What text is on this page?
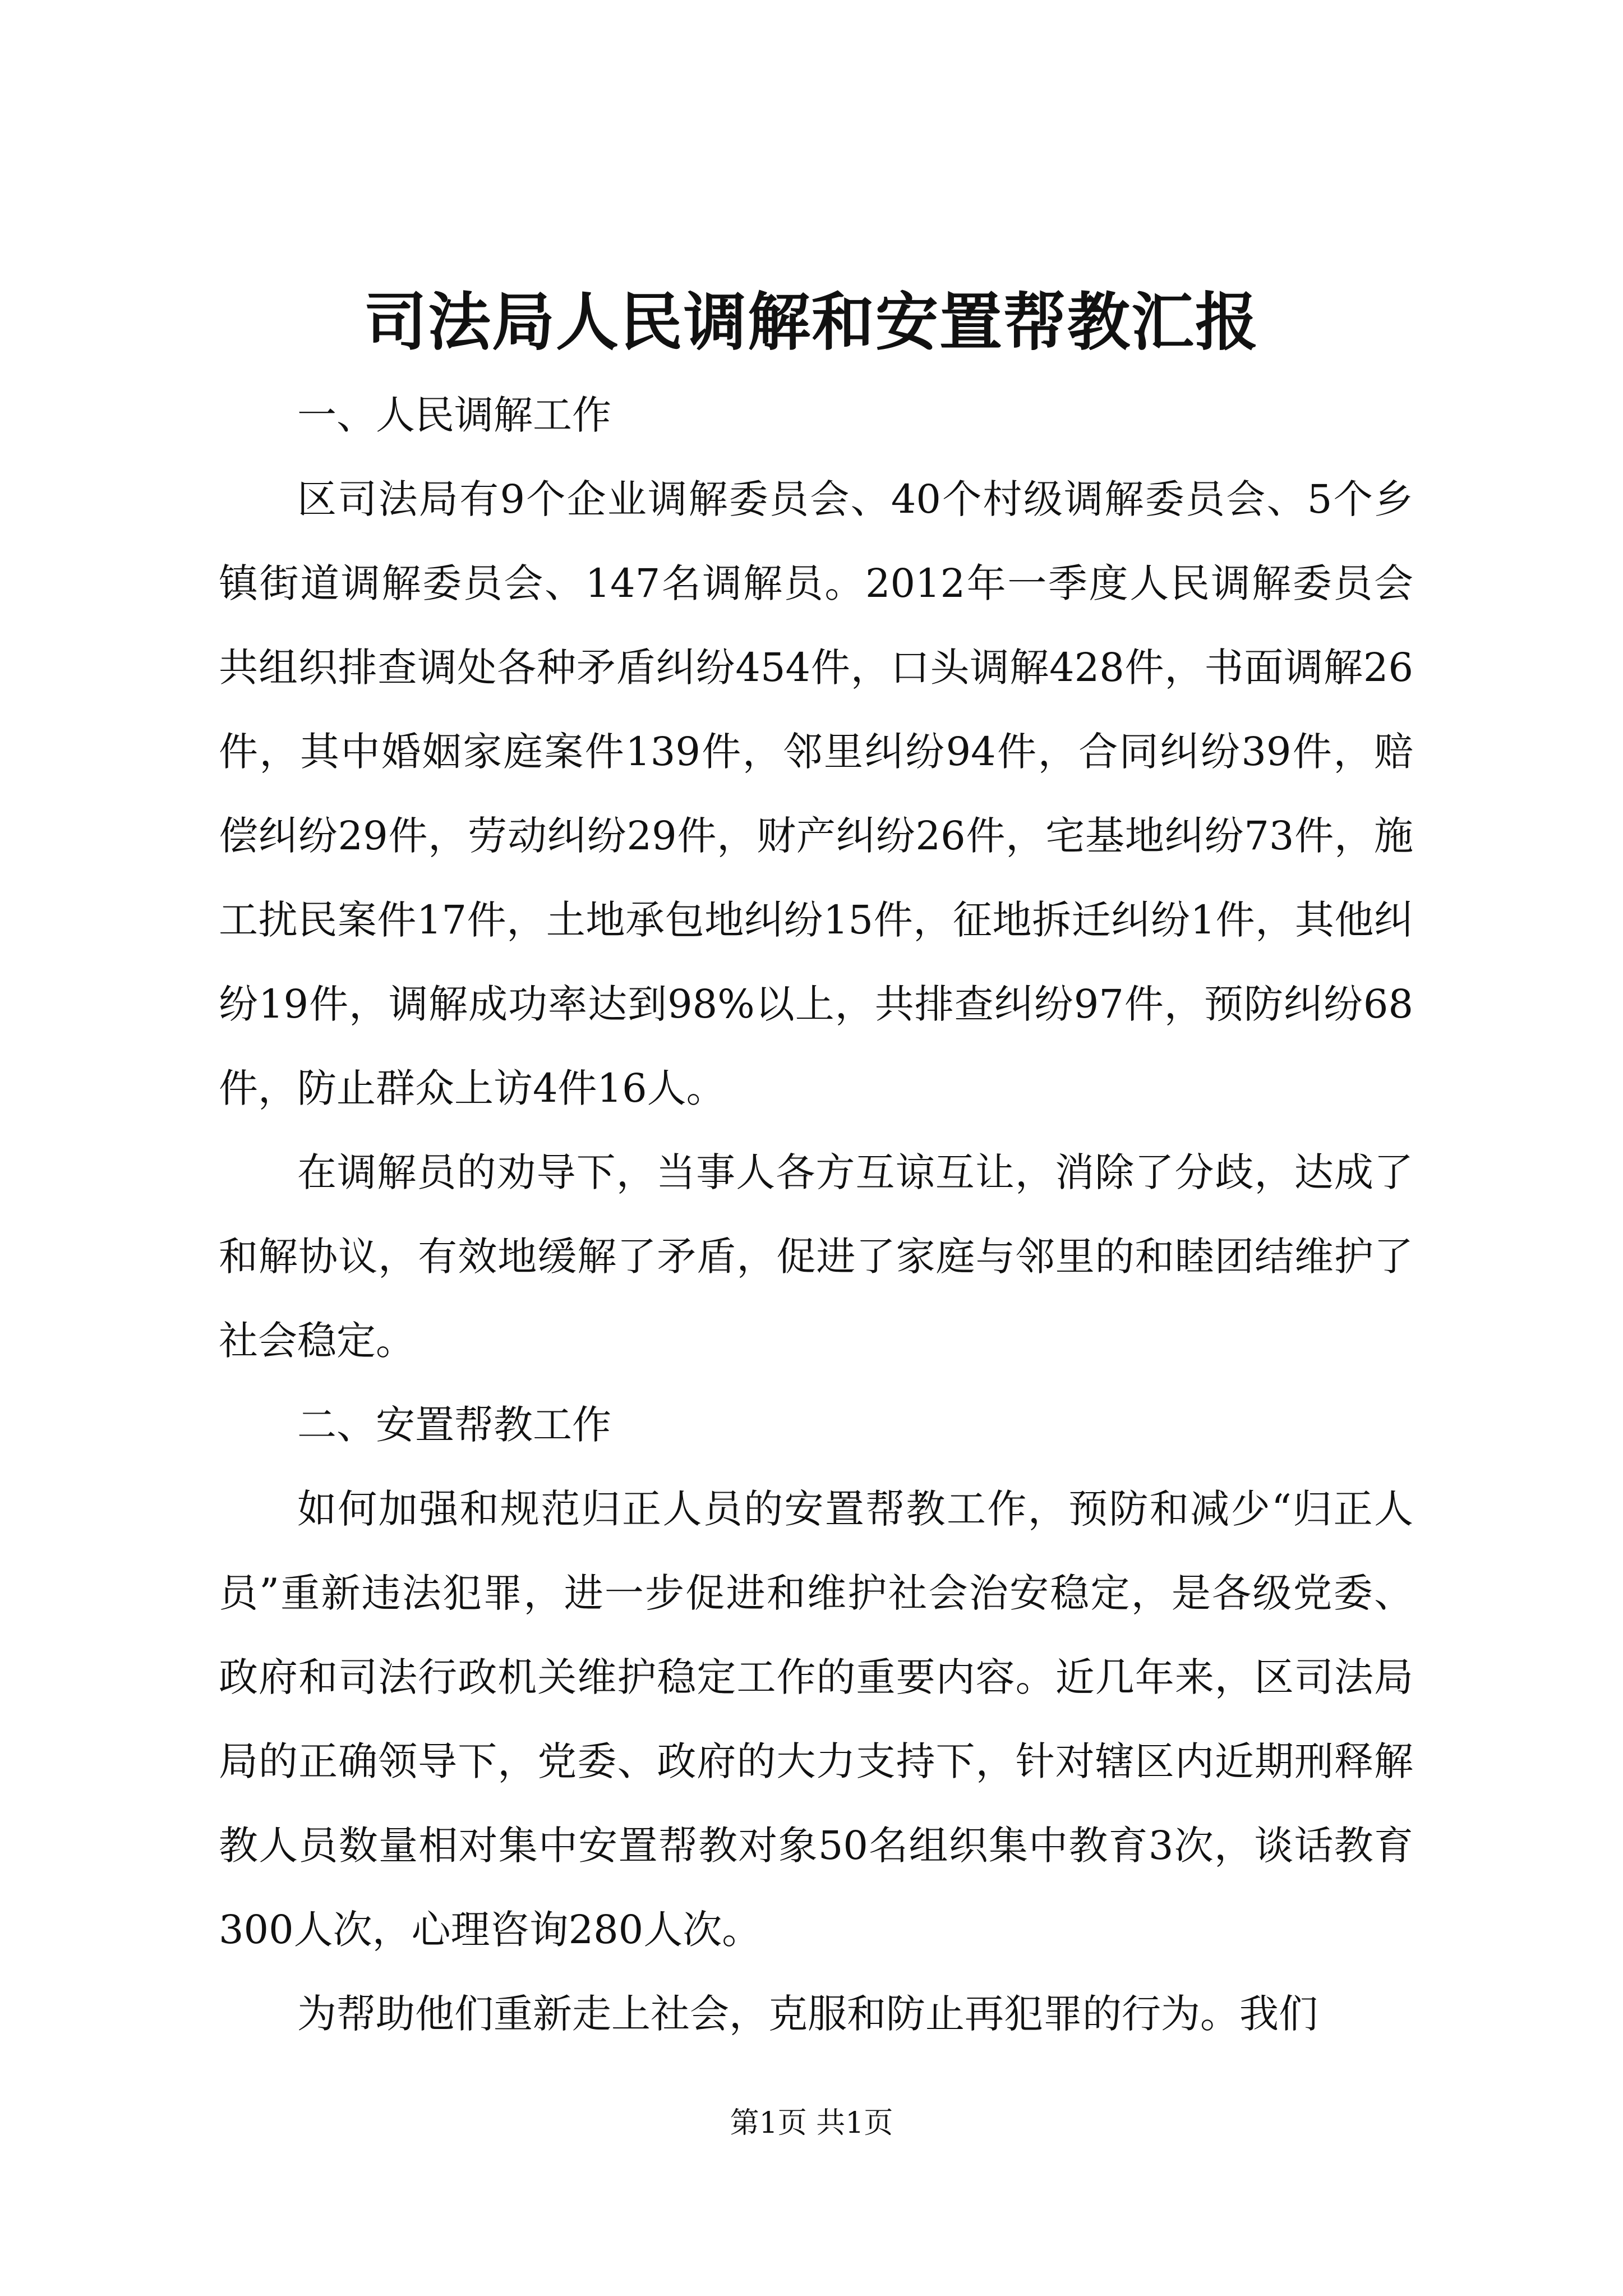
司法局人民调解和安置帮教汇报

一、人民调解工作

区司法局有9个企业调解委员会、40个村级调解委员会、5个乡镇街道调解委员会、147名调解员。2012年一季度人民调解委员会共组织排查调处各种矛盾纠纷454件，口头调解428件，书面调解26件，其中婚姻家庭案件139件，邻里纠纷94件，合同纠纷39件，赔偿纠纷29件，劳动纠纷29件，财产纠纷26件，宅基地纠纷73件，施工扰民案件17件，土地承包地纠纷15件，征地拆迁纠纷1件，其他纠纷19件，调解成功率达到98%以上，共排查纠纷97件，预防纠纷68件，防止群众上访4件16人。

在调解员的劝导下，当事人各方互谅互让，消除了分歧，达成了和解协议，有效地缓解了矛盾，促进了家庭与邻里的和睦团结维护了社会稳定。

二、安置帮教工作

如何加强和规范归正人员的安置帮教工作，预防和减少“归正人员”重新违法犯罪，进一步促进和维护社会治安稳定，是各级党委、政府和司法行政机关维护稳定工作的重要内容。近几年来，区司法局局的正确领导下，党委、政府的大力支持下，针对辖区内近期刑释解教人员数量相对集中安置帮教对象50名组织集中教育3次，谈话教育300人次，心理咨询280人次。

为帮助他们重新走上社会，克服和防止再犯罪的行为。我们

第1页 共1页
